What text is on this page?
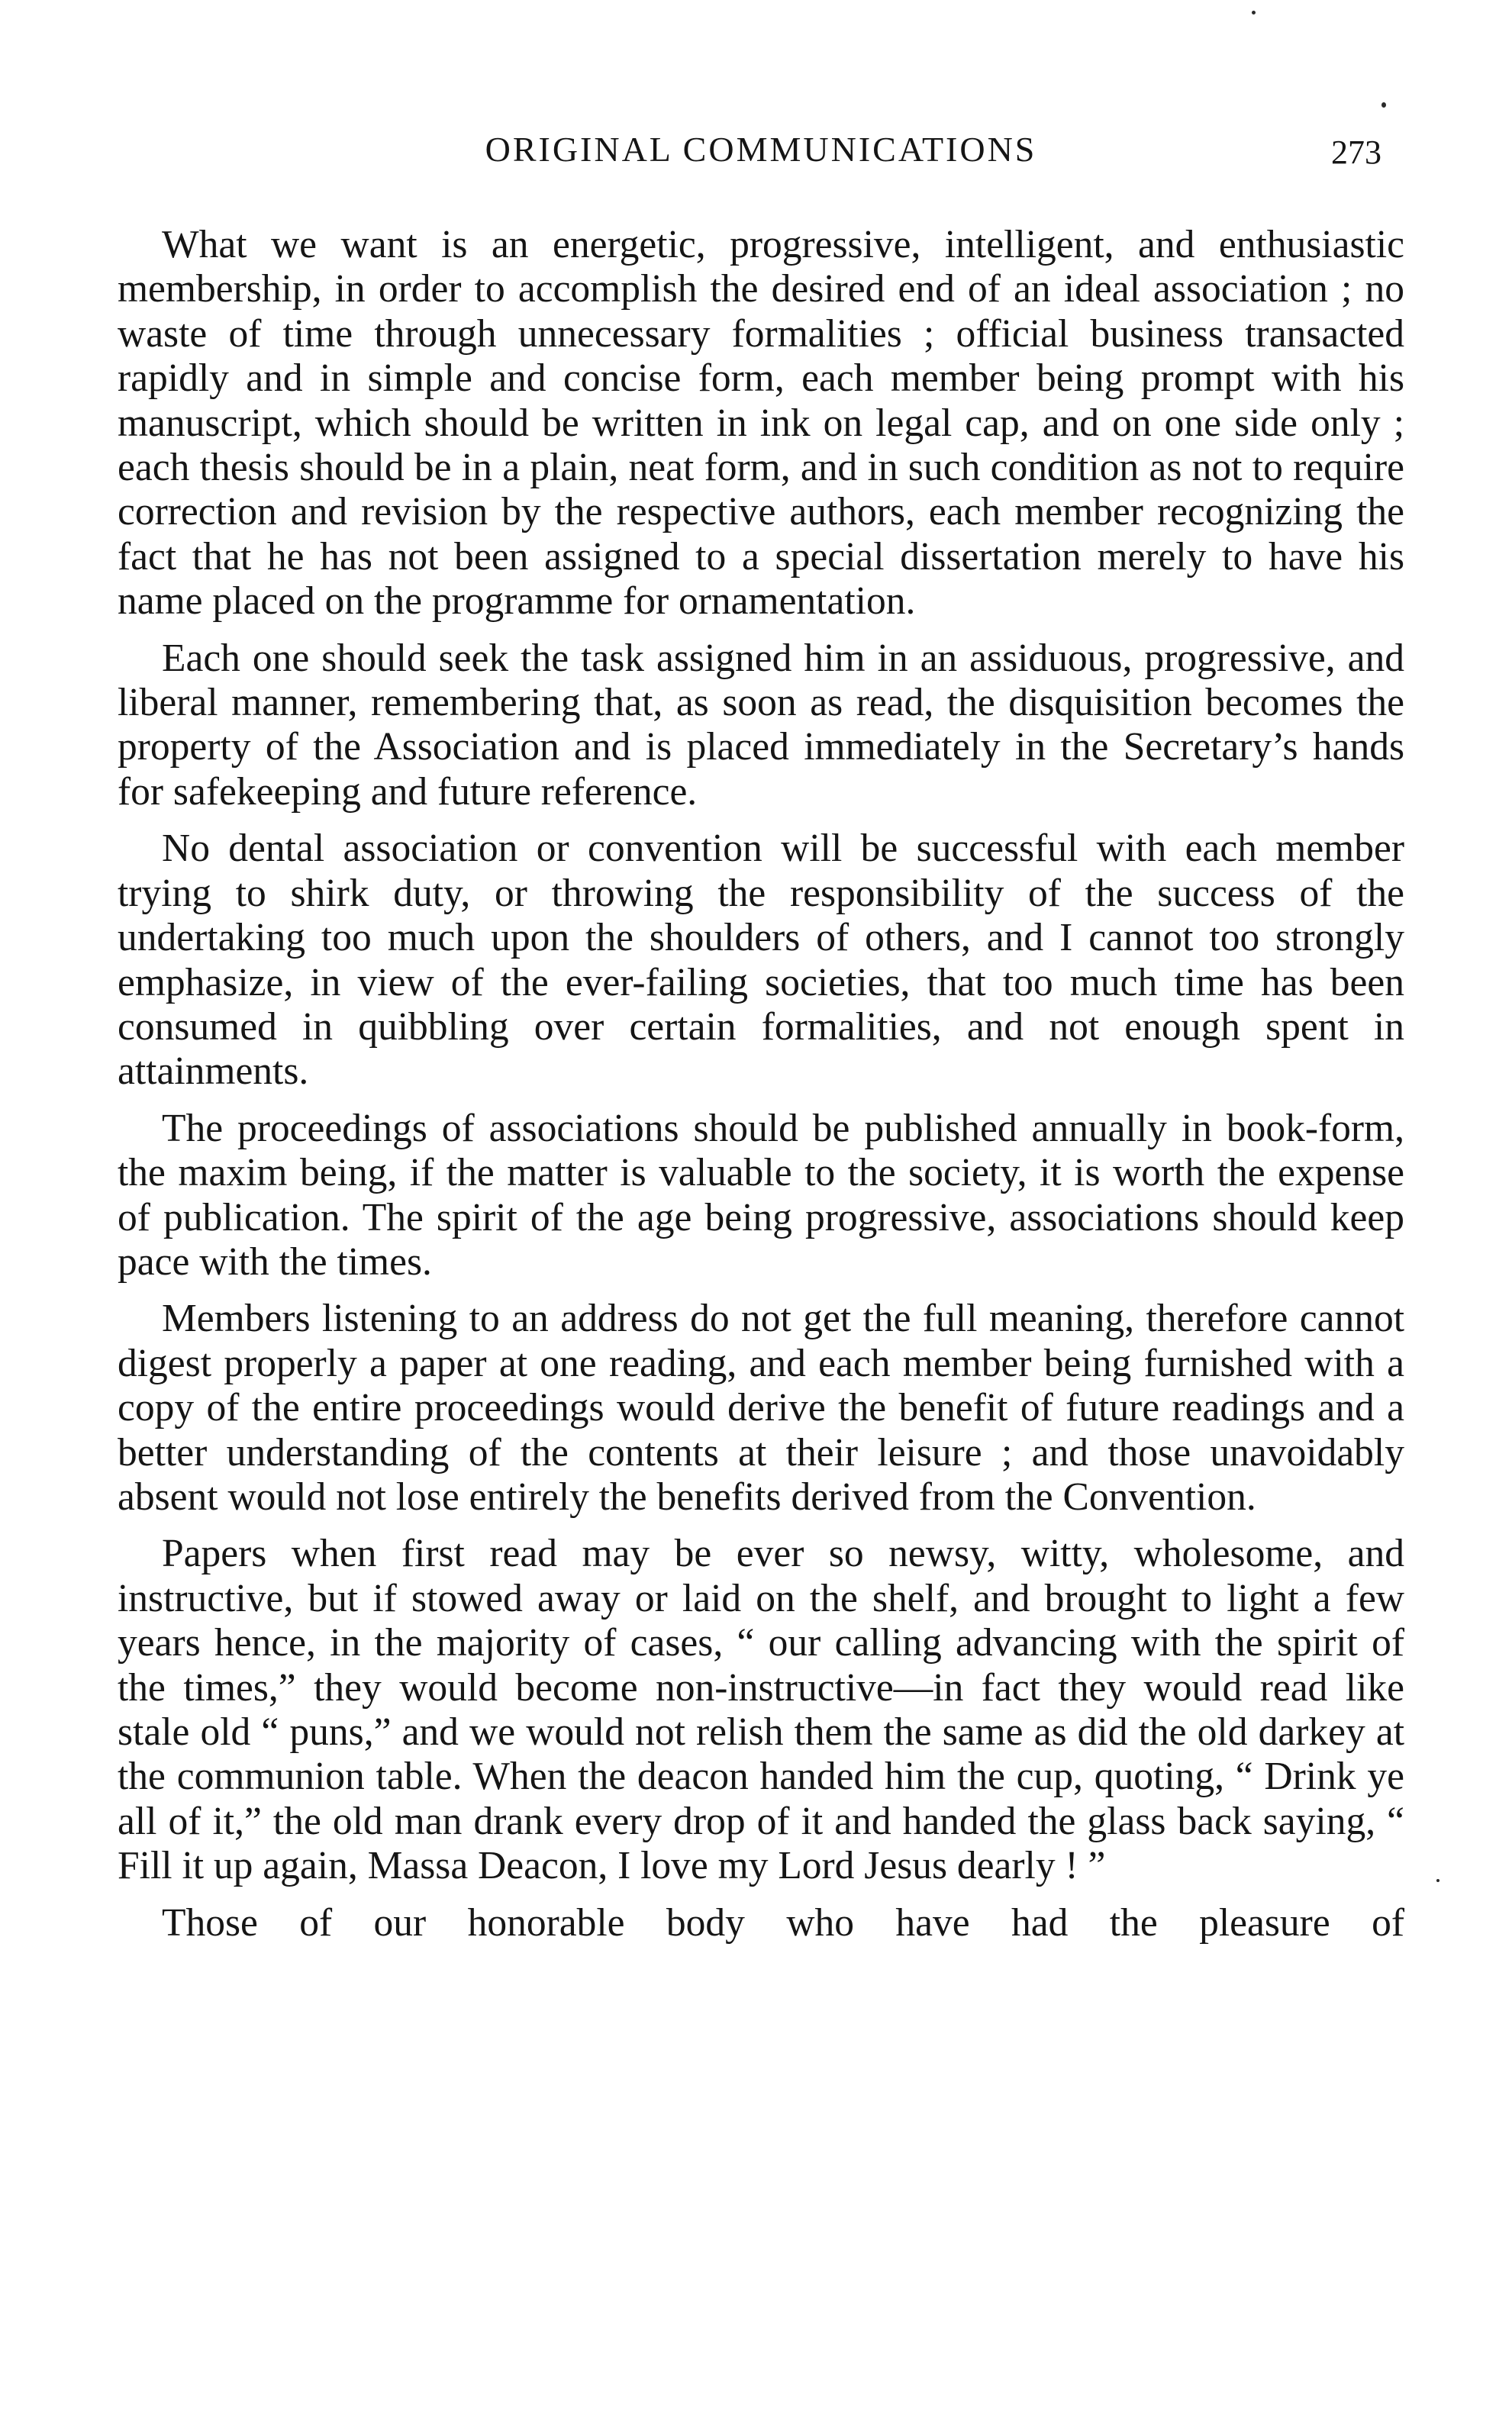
ORIGINAL COMMUNICATIONS	273

What we want is an energetic, progressive, intelligent, and enthusiastic membership, in order to accomplish the desired end of an ideal association ; no waste of time through unnecessary formalities ; official business transacted rapidly and in simple and concise form, each member being prompt with his manuscript, which should be written in ink on legal cap, and on one side only ; each thesis should be in a plain, neat form, and in such condition as not to require correction and revision by the respective authors, each member recognizing the fact that he has not been assigned to a special dissertation merely to have his name placed on the programme for ornamentation.

Each one should seek the task assigned him in an assiduous, progressive, and liberal manner, remembering that, as soon as read, the disquisition becomes the property of the Association and is placed immediately in the Secretary’s hands for safekeeping and future reference.

No dental association or convention will be successful with each member trying to shirk duty, or throwing the responsibility of the success of the undertaking too much upon the shoulders of others, and I cannot too strongly emphasize, in view of the ever-failing societies, that too much time has been consumed in quibbling over certain formalities, and not enough spent in attainments.

The proceedings of associations should be published annually in book-form, the maxim being, if the matter is valuable to the society, it is worth the expense of publication. The spirit of the age being progressive, associations should keep pace with the times.

Members listening to an address do not get the full meaning, therefore cannot digest properly a paper at one reading, and each member being furnished with a copy of the entire proceedings would derive the benefit of future readings and a better understanding of the contents at their leisure ; and those unavoidably absent would not lose entirely the benefits derived from the Convention.

Papers when first read may be ever so newsy, witty, wholesome, and instructive, but if stowed away or laid on the shelf, and brought to light a few years hence, in the majority of cases, “ our calling advancing with the spirit of the times,” they would become non-instructive—in fact they would read like stale old “ puns,” and we would not relish them the same as did the old darkey at the communion table. When the deacon handed him the cup, quoting, “ Drink ye all of it,” the old man drank every drop of it and handed the glass back saying, “ Fill it up again, Massa Deacon, I love my Lord Jesus dearly ! ”

Those of our honorable body who have had the pleasure of
